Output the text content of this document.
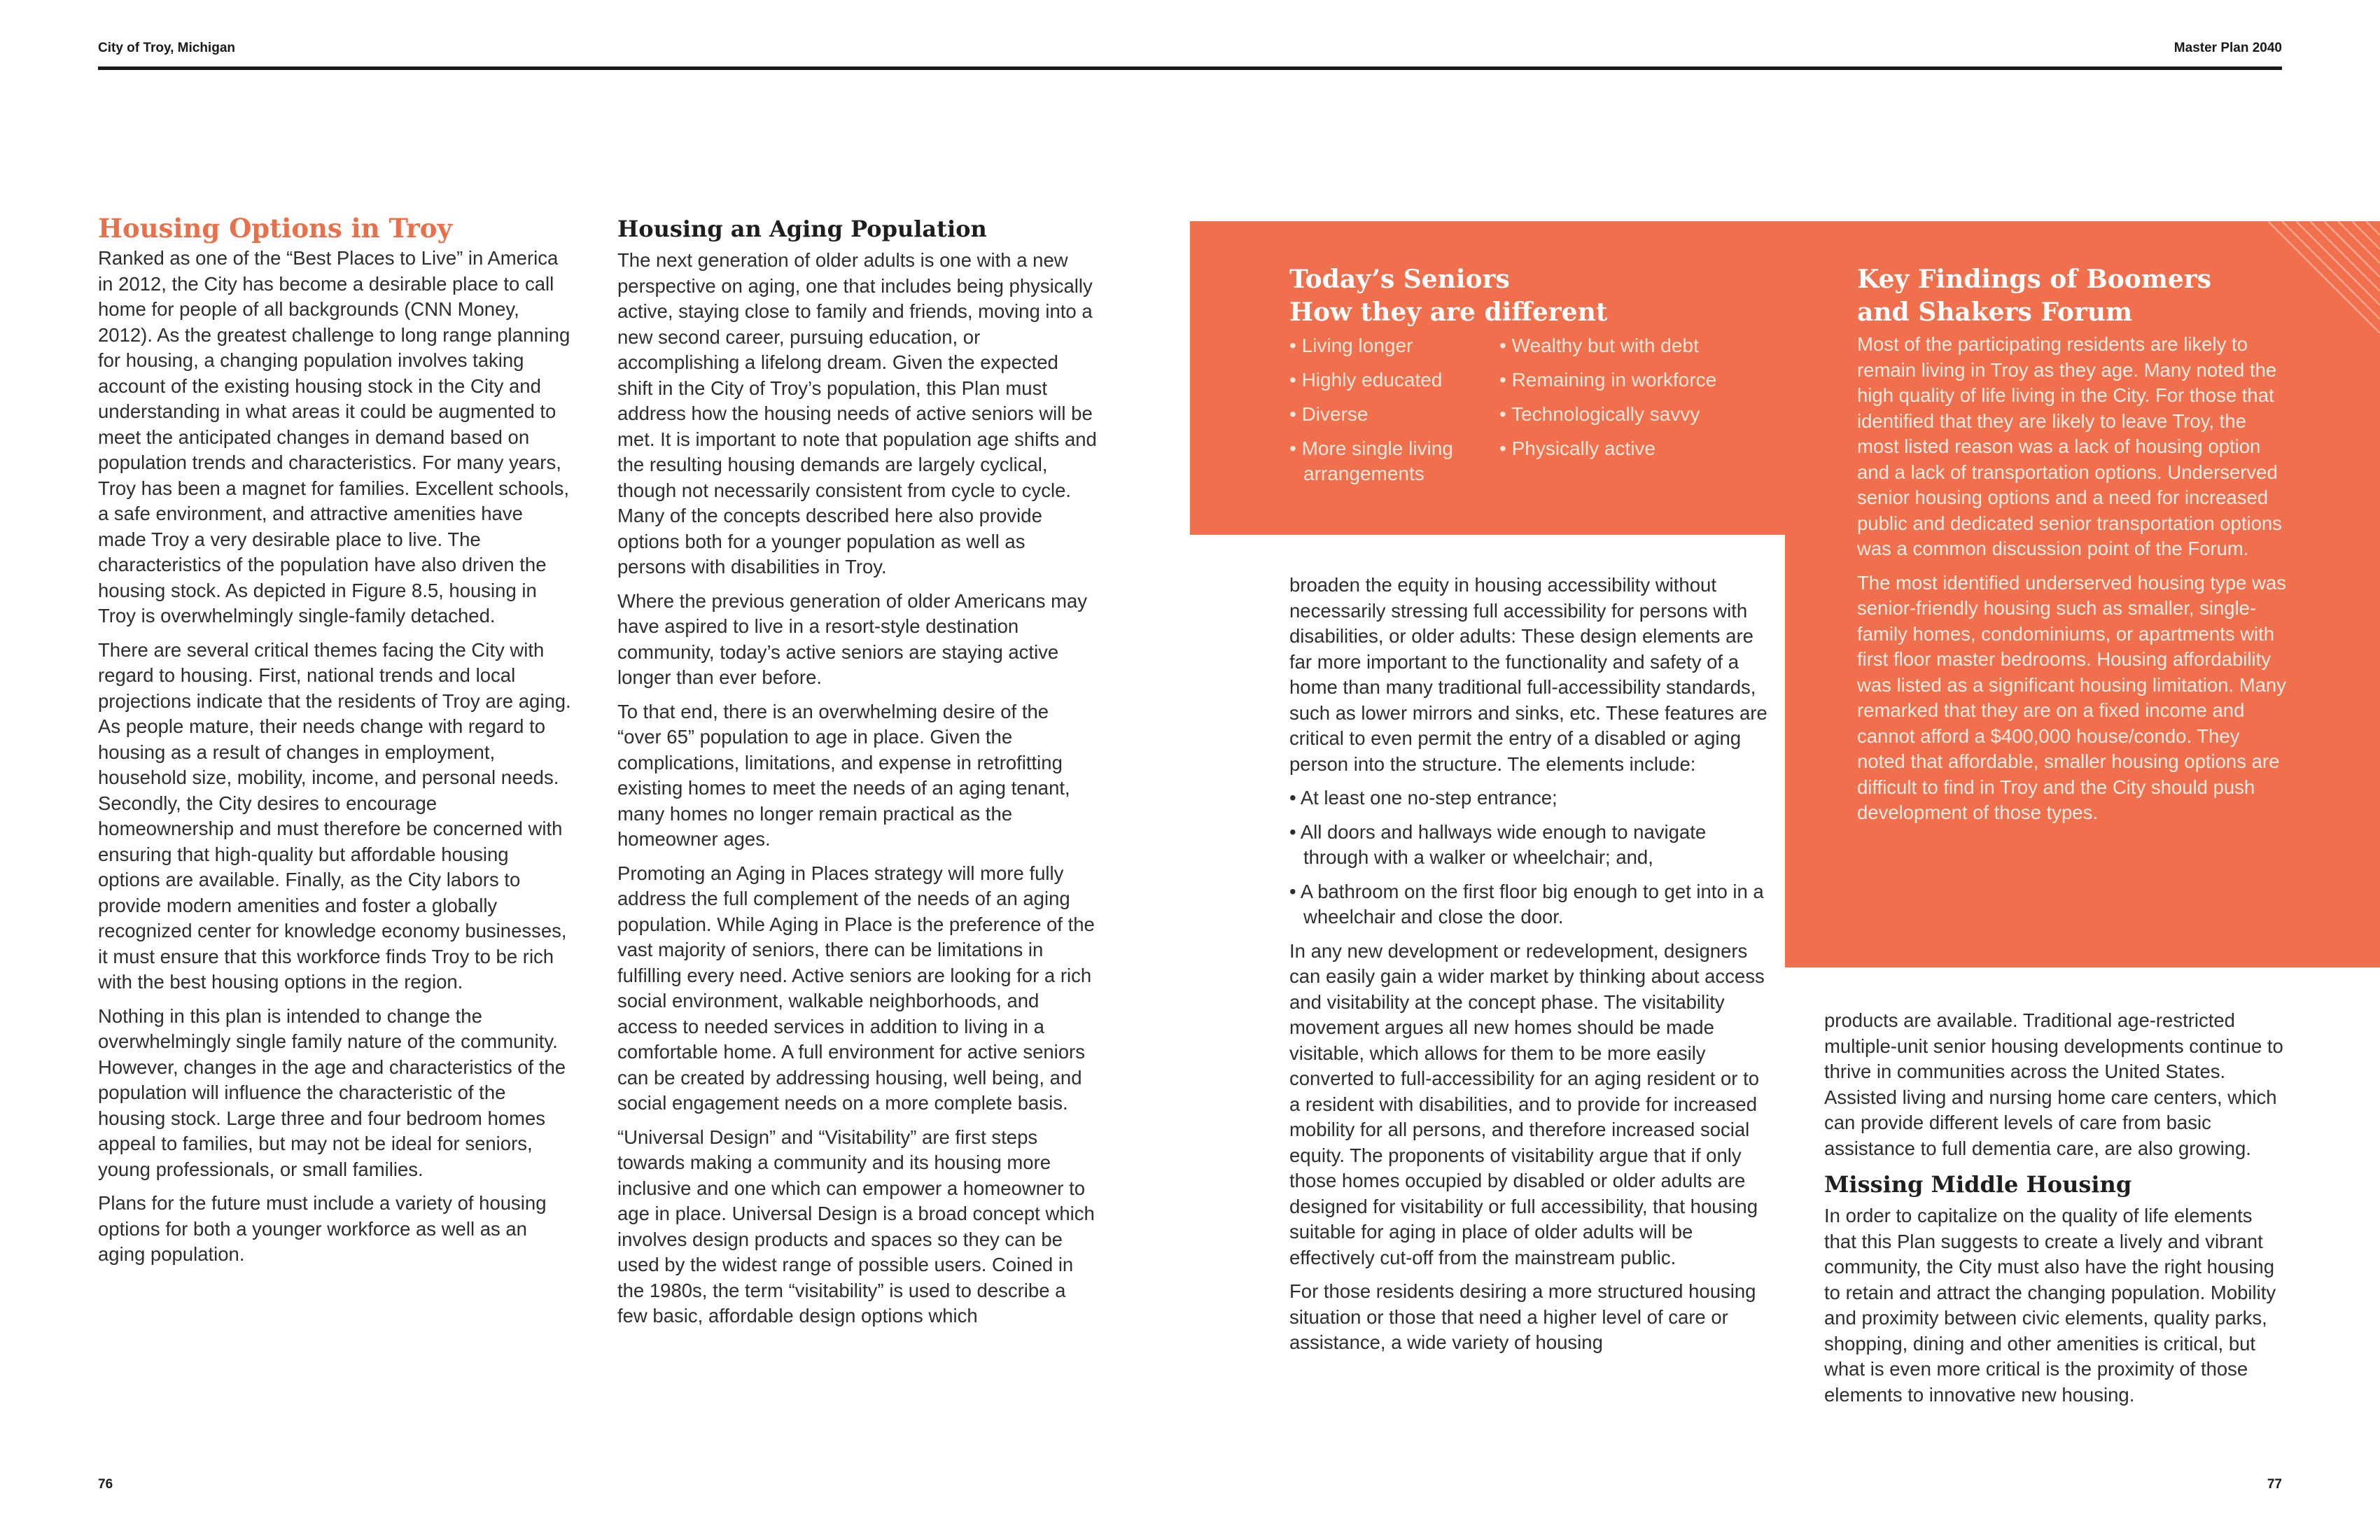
City of Troy, Michigan	Master Plan 2040
Housing Options in Troy

Ranked as one of the “Best Places to Live” in America in 2012, the City has become a desirable place to call home for people of all backgrounds (CNN Money, 2012). As the greatest challenge to long range planning for housing, a changing population involves taking account of the existing housing stock in the City and understanding in what areas it could be augmented to meet the anticipated changes in demand based on population trends and characteristics. For many years, Troy has been a magnet for families. Excellent schools, a safe environment, and attractive amenities have made Troy a very desirable place to live. The characteristics of the population have also driven the housing stock. As depicted in Figure 8.5, housing in Troy is overwhelmingly single-family detached.

There are several critical themes facing the City with regard to housing. First, national trends and local projections indicate that the residents of Troy are aging. As people mature, their needs change with regard to housing as a result of changes in employment, household size, mobility, income, and personal needs. Secondly, the City desires to encourage homeownership and must therefore be concerned with ensuring that high-quality but affordable housing options are available. Finally, as the City labors to provide modern amenities and foster a globally recognized center for knowledge economy businesses, it must ensure that this workforce finds Troy to be rich with the best housing options in the region.

Nothing in this plan is intended to change the overwhelmingly single family nature of the community. However, changes in the age and characteristics of the population will influence the characteristic of the housing stock. Large three and four bedroom homes appeal to families, but may not be ideal for seniors, young professionals, or small families.

Plans for the future must include a variety of housing options for both a younger workforce as well as an aging population.

Housing an Aging Population

The next generation of older adults is one with a new perspective on aging, one that includes being physically active, staying close to family and friends, moving into a new second career, pursuing education, or accomplishing a lifelong dream. Given the expected shift in the City of Troy’s population, this Plan must address how the housing needs of active seniors will be met. It is important to note that population age shifts and the resulting housing demands are largely cyclical, though not necessarily consistent from cycle to cycle. Many of the concepts described here also provide options both for a younger population as well as persons with disabilities in Troy.

Where the previous generation of older Americans may have aspired to live in a resort-style destination community, today’s active seniors are staying active longer than ever before.

To that end, there is an overwhelming desire of the “over 65” population to age in place. Given the complications, limitations, and expense in retrofitting existing homes to meet the needs of an aging tenant, many homes no longer remain practical as the homeowner ages.

Promoting an Aging in Places strategy will more fully address the full complement of the needs of an aging population. While Aging in Place is the preference of the vast majority of seniors, there can be limitations in fulfilling every need. Active seniors are looking for a rich social environment, walkable neighborhoods, and access to needed services in addition to living in a comfortable home. A full environment for active seniors can be created by addressing housing, well being, and social engagement needs on a more complete basis.

“Universal Design” and “Visitability” are first steps towards making a community and its housing more inclusive and one which can empower a homeowner to age in place. Universal Design is a broad concept which involves design products and spaces so they can be used by the widest range of possible users. Coined in the 1980s, the term “visitability” is used to describe a few basic, affordable design options which

Today’s Seniors
How they are different
• Living longer
• Highly educated
• Diverse
• More single living arrangements
• Wealthy but with debt
• Remaining in workforce
• Technologically savvy
• Physically active
Key Findings of Boomers
and Shakers Forum

Most of the participating residents are likely to remain living in Troy as they age. Many noted the high quality of life living in the City. For those that identified that they are likely to leave Troy, the most listed reason was a lack of housing option and a lack of transportation options. Underserved senior housing options and a need for increased public and dedicated senior transportation options was a common discussion point of the Forum.

The most identified underserved housing type was senior-friendly housing such as smaller, single-family homes, condominiums, or apartments with first floor master bedrooms. Housing affordability was listed as a significant housing limitation. Many remarked that they are on a fixed income and cannot afford a $400,000 house/condo. They noted that affordable, smaller housing options are difficult to find in Troy and the City should push development of those types.

broaden the equity in housing accessibility without necessarily stressing full accessibility for persons with disabilities, or older adults: These design elements are far more important to the functionality and safety of a home than many traditional full-accessibility standards, such as lower mirrors and sinks, etc. These features are critical to even permit the entry of a disabled or aging person into the structure. The elements include:

• At least one no-step entrance;
• All doors and hallways wide enough to navigate through with a walker or wheelchair; and,
• A bathroom on the first floor big enough to get into in a wheelchair and close the door.

In any new development or redevelopment, designers can easily gain a wider market by thinking about access and visitability at the concept phase. The visitability movement argues all new homes should be made visitable, which allows for them to be more easily converted to full-accessibility for an aging resident or to a resident with disabilities, and to provide for increased mobility for all persons, and therefore increased social equity. The proponents of visitability argue that if only those homes occupied by disabled or older adults are designed for visitability or full accessibility, that housing suitable for aging in place of older adults will be effectively cut-off from the mainstream public.

For those residents desiring a more structured housing situation or those that need a higher level of care or assistance, a wide variety of housing

products are available. Traditional age-restricted multiple-unit senior housing developments continue to thrive in communities across the United States. Assisted living and nursing home care centers, which can provide different levels of care from basic assistance to full dementia care, are also growing.

Missing Middle Housing

In order to capitalize on the quality of life elements that this Plan suggests to create a lively and vibrant community, the City must also have the right housing to retain and attract the changing population. Mobility and proximity between civic elements, quality parks, shopping, dining and other amenities is critical, but what is even more critical is the proximity of those elements to innovative new housing.

76	77
